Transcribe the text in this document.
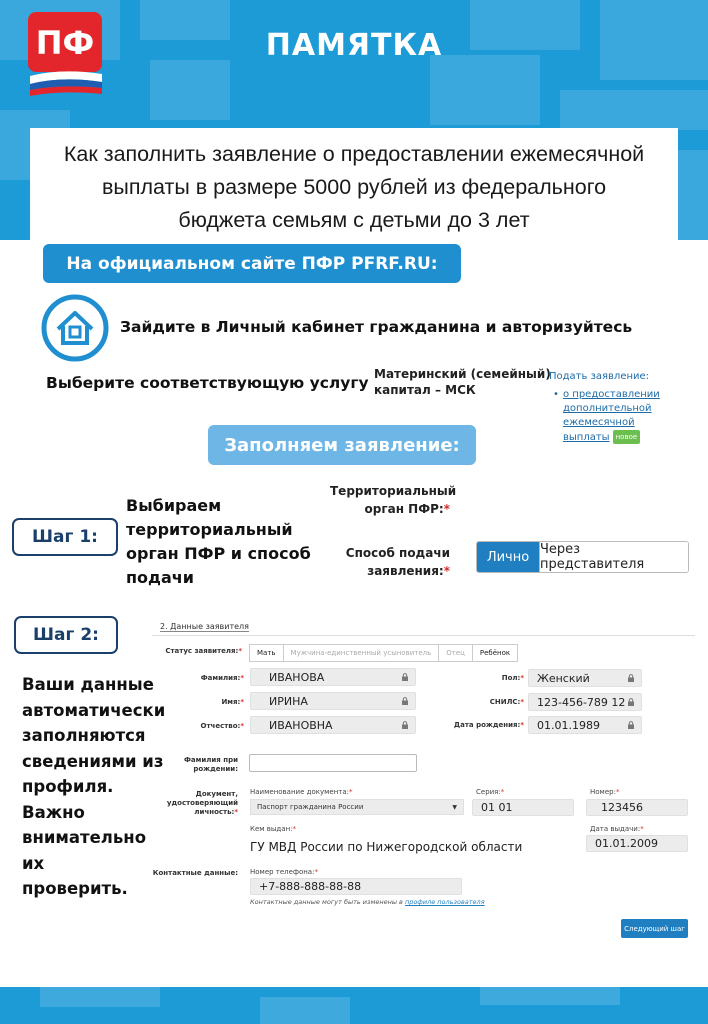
ПФ	ПАМЯТКА
Как заполнить заявление о предоставлении ежемесячной
выплаты в размере 5000 рублей из федерального
бюджета семьям с детьми до 3 лет
На официальном сайте ПФР PFRF.RU:
Зайдите в Личный кабинет гражданина и авторизуйтесь
Выберите соответствующую услугу Материнский (семейный)
капитал – МСК
Подать заявление:
• о предоставлении
дополнительной ежемесячной
выплаты новое
Заполняем заявление:
Шаг 1:
Выбираем территориальный орган ПФР и способ подачи
Территориальный
орган ПФР:*
Способ подачи
заявления:*
Лично Через представителя
Шаг 2:
Ваши данные
автоматически
заполняются
сведениями из
профиля.
Важно
внимательно их
проверить.
2. Данные заявителя
Статус заявителя:*	Мать	Мужчина-единственный усыновитель	Отец	Ребёнок
Фамилия:* ИВАНОВА
Имя:* ИРИНА
Отчество:* ИВАНОВНА
Пол:* Женский
СНИЛС:* 123-456-789 12
Дата рождения:* 01.01.1989
Фамилия при
рождении:
Документ,
удостоверяющий
личность:*
Наименование документа:*
Паспорт гражданина России	▼
Серия:*
01 01
Номер:*
123456
Кем выдан:*
ГУ МВД России по Нижегородской области
Дата выдачи:*
01.01.2009
Контактные данные: Номер телефона:*
+7-888-888-88-88
Контактные данные могут быть изменены в профиле пользователя
Следующий шаг
